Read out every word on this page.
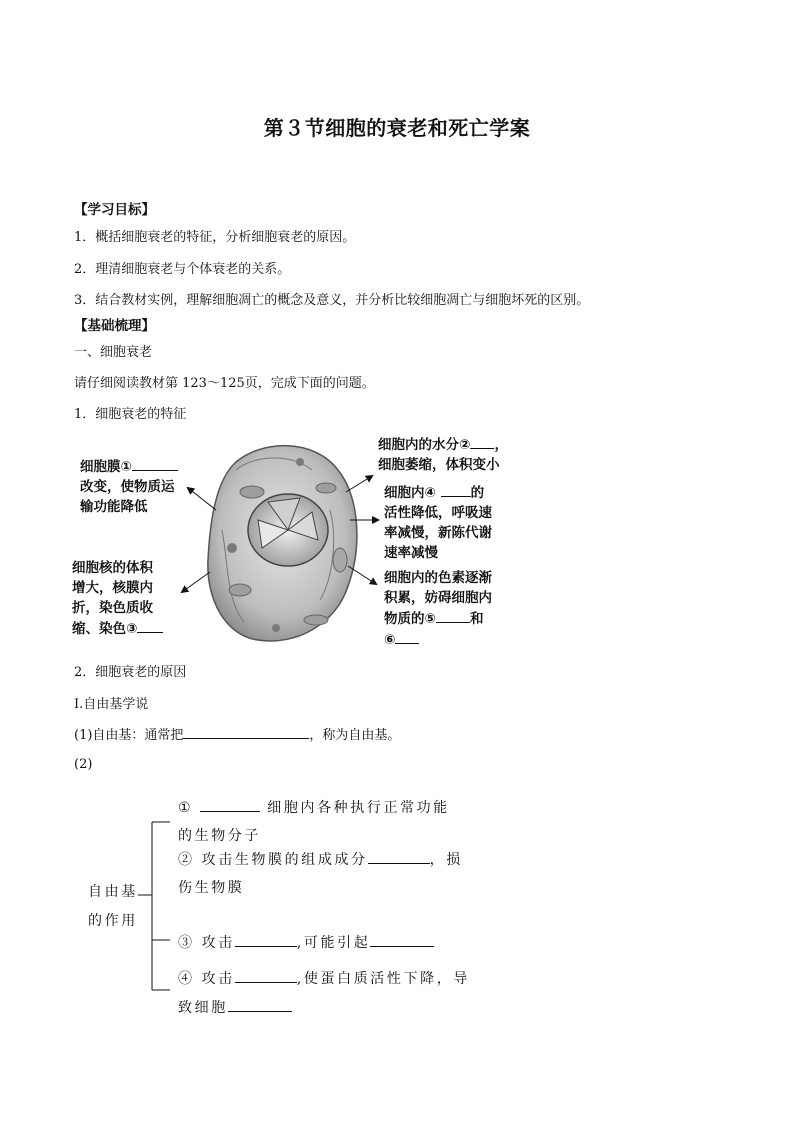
第３节细胞的衰老和死亡学案
【学习目标】
1．概括细胞衰老的特征，分析细胞衰老的原因。
2．理清细胞衰老与个体衰老的关系。
3．结合教材实例，理解细胞凋亡的概念及意义，并分析比较细胞凋亡与细胞坏死的区别。
【基础梳理】
一、细胞衰老
请仔细阅读教材第 123～125页，完成下面的问题。
1．细胞衰老的特征
细胞膜①
改变，使物质运
输功能降低
细胞核的体积
增大，核膜内
折，染色质收
缩、染色③
细胞内的水分② ，
细胞萎缩，体积变小
细胞内④	的
活性降低，呼吸速
率减慢，新陈代谢
速率减慢
细胞内的色素逐渐
积累，妨碍细胞内
物质的⑤	和
⑥
2．细胞衰老的原因
Ⅰ.自由基学说
(1)自由基：通常把	，称为自由基。
(2)
自由基
的作用
①	细胞内各种执行正常功能
的生物分子
② 攻击生物膜的组成成分	，损
伤生物膜
③ 攻击	,可能引起
④ 攻击	,使蛋白质活性下降，导
致细胞
